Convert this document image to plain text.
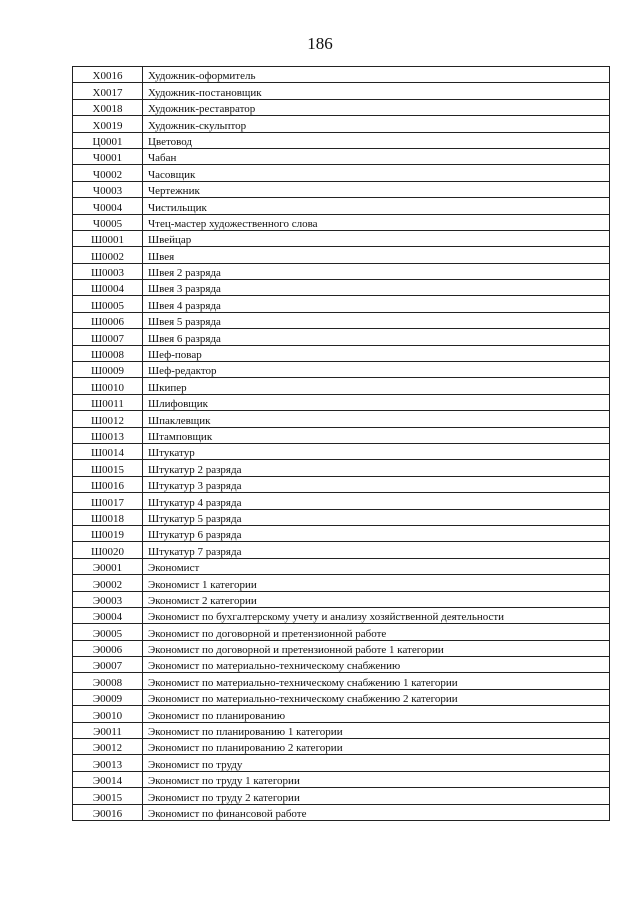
186
Х0016	Художник-оформитель
Х0017	Художник-постановщик
Х0018	Художник-реставратор
Х0019	Художник-скульптор
Ц0001	Цветовод
Ч0001	Чабан
Ч0002	Часовщик
Ч0003	Чертежник
Ч0004	Чистильщик
Ч0005	Чтец-мастер художественного слова
Ш0001	Швейцар
Ш0002	Швея
Ш0003	Швея 2 разряда
Ш0004	Швея 3 разряда
Ш0005	Швея 4 разряда
Ш0006	Швея 5 разряда
Ш0007	Швея 6 разряда
Ш0008	Шеф-повар
Ш0009	Шеф-редактор
Ш0010	Шкипер
Ш0011	Шлифовщик
Ш0012	Шпаклевщик
Ш0013	Штамповщик
Ш0014	Штукатур
Ш0015	Штукатур 2 разряда
Ш0016	Штукатур 3 разряда
Ш0017	Штукатур 4 разряда
Ш0018	Штукатур 5 разряда
Ш0019	Штукатур 6 разряда
Ш0020	Штукатур 7 разряда
Э0001	Экономист
Э0002	Экономист 1 категории
Э0003	Экономист 2 категории
Э0004	Экономист по бухгалтерскому учету и анализу хозяйственной деятельности
Э0005	Экономист по договорной и претензионной работе
Э0006	Экономист по договорной и претензионной работе 1 категории
Э0007	Экономист по материально-техническому снабжению
Э0008	Экономист по материально-техническому снабжению 1 категории
Э0009	Экономист по материально-техническому снабжению 2 категории
Э0010	Экономист по планированию
Э0011	Экономист по планированию 1 категории
Э0012	Экономист по планированию 2 категории
Э0013	Экономист по труду
Э0014	Экономист по труду 1 категории
Э0015	Экономист по труду 2 категории
Э0016	Экономист по финансовой работе
